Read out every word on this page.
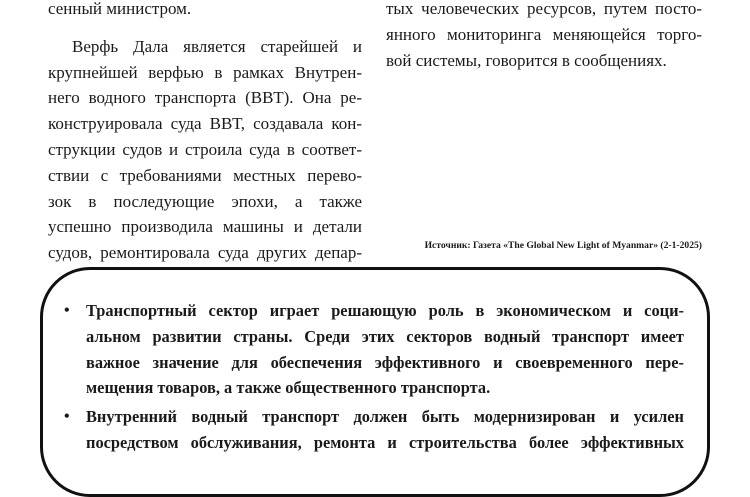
сенный министром.
Верфь Дала является старейшей и
крупнейшей верфью в рамках Внутрен-
него водного транспорта (ВВТ). Она ре-
конструировала суда ВВТ, создавала кон-
струкции судов и строила суда в соответ-
ствии с требованиями местных перево-
зок в последующие эпохи, а также
успешно производила машины и детали
судов, ремонтировала суда других депар-
тых человеческих ресурсов, путем посто-
янного мониторинга меняющейся торго-
вой системы, говорится в сообщениях.
Источник: Газета «The Global New Light of Myanmar» (2-1-2025)
• Транспортный сектор играет решающую роль в экономическом и соци-
альном развитии страны. Среди этих секторов водный транспорт имеет
важное значение для обеспечения эффективного и своевременного пере-
мещения товаров, а также общественного транспорта.
• Внутренний водный транспорт должен быть модернизирован и усилен
посредством обслуживания, ремонта и строительства более эффективных
